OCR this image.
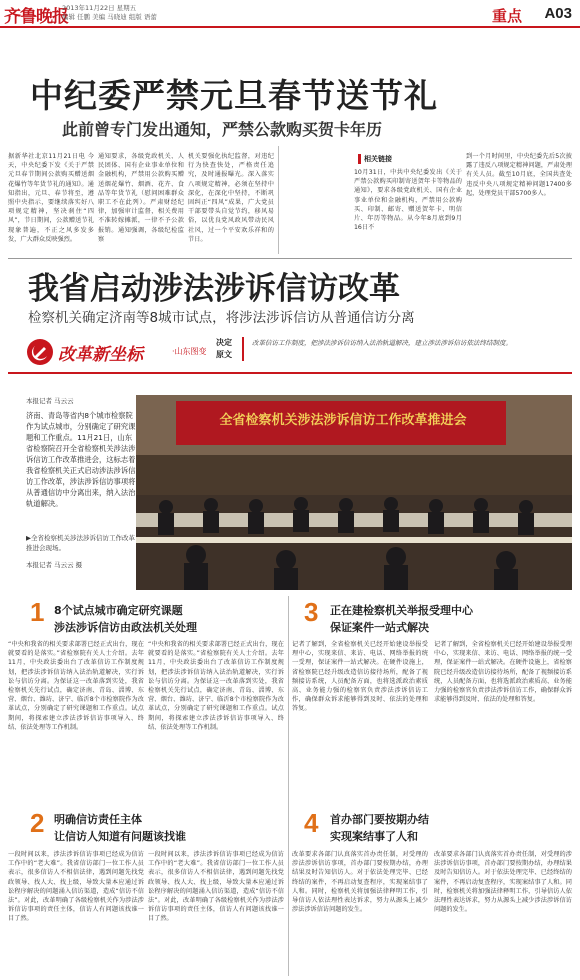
齐鲁晚报
2013年11月22日 星期五
编辑 任鹏 美编 马晓迪 组版 语蕾	重点 A03
中纪委严禁元旦春节送节礼
此前曾专门发出通知，严禁公款购买贺卡年历
据新华社北京11月21日电 今天，中央纪委下发《关于严禁元旦春节期间公款购买赠送烟花爆竹等年货节礼的通知》。通知指出，元旦、春节将至，遵照中央指示，要继续落实好八项规定精神，坚决刹住“四风”，节日期间，公款赠送节礼现象普遍，不正之风多发多发，广大群众反映强烈。
通知要求，各级党政机关、人民团体、国有企业事业单位和金融机构，严禁用公款购买赠送烟花爆竹、烟酒、花卉、食品等年货节礼（慰问困难群众职工不在此列）。严肃财经纪律，加强审计监督，相关费用不准转嫁摊派，一律不予公款报销。通知强调，各级纪检监察
机关要强化执纪监督，对违纪行为快查快处，严格责任追究，及时通报曝光。深入落实八项规定精神，必须在坚持中深化，在深化中坚持，不断巩固纠正“四风”成果，广大党员干部要带头自觉节约，移风易俗，以优良党风政风带动民风社风，过一个平安欢乐祥和的节日。
相关链接
10月31日，中共中央纪委发出《关于严禁公款购买印制寄送贺年卡等物品的通知》，要求各级党政机关、国有企业事业单位和金融机构，严禁用公款购买、印制、邮寄、赠送贺年卡、明信片、年历等物品。从今年8月底到9月16日不
到一个月时间里，中央纪委先后5次披露了违反八项规定精神问题，严肃处理有关人员。截至10月底，全国共查处违反中央八项规定精神问题17400多起，处理党员干部5700多人。
我省启动涉法涉诉信访改革
检察机关确定济南等8城市试点，将涉法涉诉信访从普通信访分离
改革新坐标	·山东图变
决定
原文
改革信访工作制度，把涉法涉诉信访纳入法治轨道解决，建立涉法涉诉信访依法终结制度。
本报记者 马云云
济南、青岛等省内8个城市检察院作为试点城市，分别确定了研究课题和工作重点。11月21日，山东省检察院召开全省检察机关涉法涉诉信访工作改革推进会，这标志着我省检察机关正式启动涉法涉诉信访工作改革，涉法涉诉信访事项将从普通信访中分离出来，纳入法治轨道解决。
▶全省检察机关涉法涉诉信访工作改革推进会现场。
本报记者 马云云 摄
全省检察机关涉法涉诉信访工作改革推进会
1 8个试点城市确定研究课题
涉法涉诉信访由政法机关处理
“中央和我省的相关要求部署已经正式出台，现在就要看的是落实。”省检察院有关人士介绍。去年11月，中央政法委出台了改革信访工作制度规划，把涉法涉诉信访纳入法治轨道解决，实行诉讼与信访分离。为保证这一改革落到实处，我省检察机关先行试点，确定济南、青岛、淄博、东营、烟台、潍坊、济宁、临沂8个市检察院作为改革试点，分别确定了研究课题和工作重点。试点期间，将探索建立涉法涉诉信访事项导入、终结、依法处理等工作机制。
“中央和我省的相关要求部署已经正式出台，现在就要看的是落实。”省检察院有关人士介绍。去年11月，中央政法委出台了改革信访工作制度规划，把涉法涉诉信访纳入法治轨道解决，实行诉讼与信访分离。为保证这一改革落到实处，我省检察机关先行试点，确定济南、青岛、淄博、东营、烟台、潍坊、济宁、临沂8个市检察院作为改革试点，分别确定了研究课题和工作重点。试点期间，将探索建立涉法涉诉信访事项导入、终结、依法处理等工作机制。
3 正在建检察机关举报受理中心
保证案件一站式解决
记者了解到，全省检察机关已经开始建设举报受理中心，实现来信、来访、电话、网络举报的统一受理，保证案件一站式解决。在硬件设施上，省检察院已经升级改造信访接待场所，配备了视频接访系统，人员配备方面，也将选派政治素质高、业务能力强的检察官负责涉法涉诉信访工作，确保群众诉求能够得到及时、依法的处理和答复。
记者了解到，全省检察机关已经开始建设举报受理中心，实现来信、来访、电话、网络举报的统一受理，保证案件一站式解决。在硬件设施上，省检察院已经升级改造信访接待场所，配备了视频接访系统，人员配备方面，也将选派政治素质高、业务能力强的检察官负责涉法涉诉信访工作，确保群众诉求能够得到及时、依法的处理和答复。
2 明确信访责任主体
让信访人知道有问题该找谁
一段时间以来，涉法涉诉信访事项已经成为信访工作中的“老大难”。我省信访部门一位工作人员表示，很多信访人不相信法律，遇到问题先找党政领导、找人大、找上级，导致大量本应通过诉讼程序解决的问题涌入信访渠道，造成“信访不信法”。对此，改革明确了各级检察机关作为涉法涉诉信访事项的责任主体，信访人有问题该找谁一目了然。
一段时间以来，涉法涉诉信访事项已经成为信访工作中的“老大难”。我省信访部门一位工作人员表示，很多信访人不相信法律，遇到问题先找党政领导、找人大、找上级，导致大量本应通过诉讼程序解决的问题涌入信访渠道，造成“信访不信法”。对此，改革明确了各级检察机关作为涉法涉诉信访事项的责任主体，信访人有问题该找谁一目了然。
4 首办部门要按期办结
实现案结事了人和
改革要求各部门认真落实首办责任制，对受理的涉法涉诉信访事项，首办部门要按期办结，办理结果及时告知信访人。对于依法处理完毕、已经终结的案件，不再启动复查程序，实现案结事了人和。同时，检察机关将加强法律释明工作，引导信访人依法理性表达诉求，努力从源头上减少涉法涉诉信访问题的发生。
改革要求各部门认真落实首办责任制，对受理的涉法涉诉信访事项，首办部门要按期办结，办理结果及时告知信访人。对于依法处理完毕、已经终结的案件，不再启动复查程序，实现案结事了人和。同时，检察机关将加强法律释明工作，引导信访人依法理性表达诉求，努力从源头上减少涉法涉诉信访问题的发生。
